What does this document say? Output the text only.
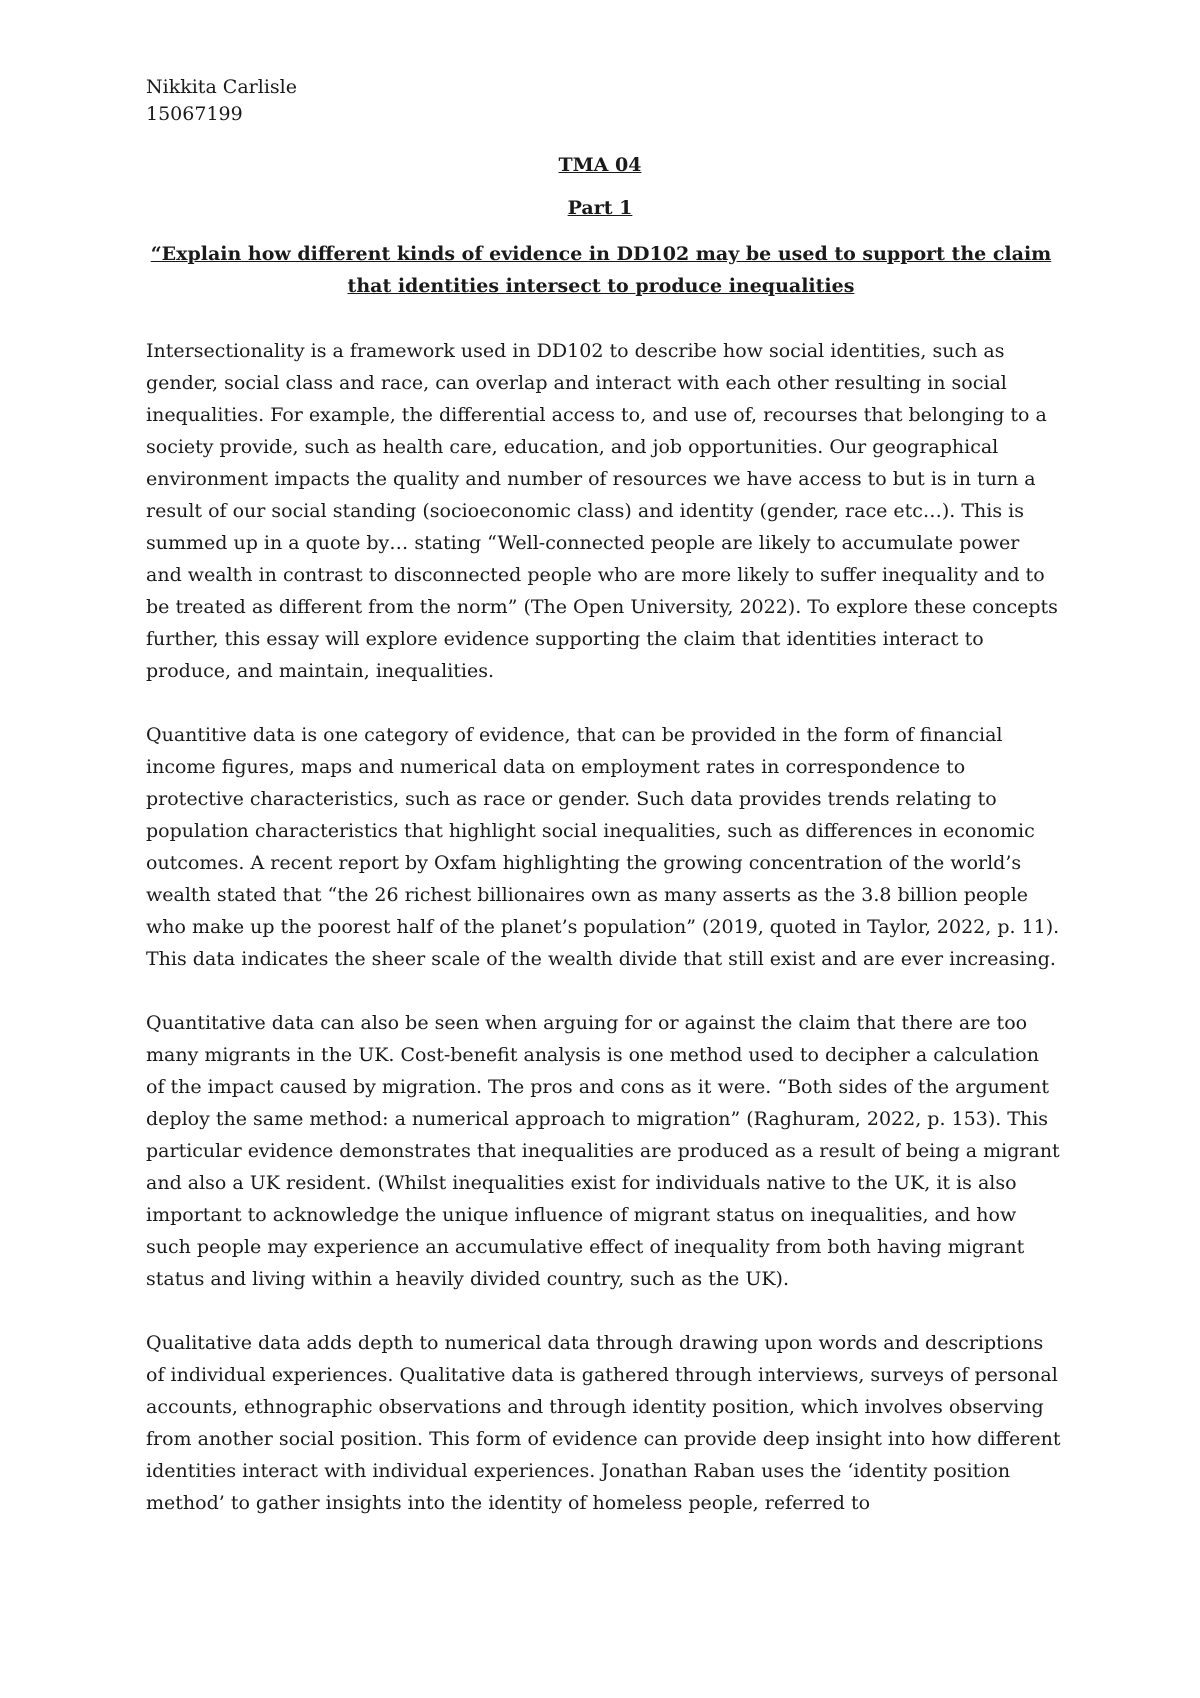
Nikkita Carlisle
15067199
TMA 04
Part 1
“Explain how different kinds of evidence in DD102 may be used to support the claim that identities intersect to produce inequalities

Intersectionality is a framework used in DD102 to describe how social identities, such as gender, social class and race, can overlap and interact with each other resulting in social inequalities. For example, the differential access to, and use of, recourses that belonging to a society provide, such as health care, education, and job opportunities. Our geographical environment impacts the quality and number of resources we have access to but is in turn a result of our social standing (socioeconomic class) and identity (gender, race etc…). This is summed up in a quote by… stating “Well-connected people are likely to accumulate power and wealth in contrast to disconnected people who are more likely to suffer inequality and to be treated as different from the norm” (The Open University, 2022). To explore these concepts further, this essay will explore evidence supporting the claim that identities interact to produce, and maintain, inequalities.

Quantitive data is one category of evidence, that can be provided in the form of financial income figures, maps and numerical data on employment rates in correspondence to protective characteristics, such as race or gender. Such data provides trends relating to population characteristics that highlight social inequalities, such as differences in economic outcomes. A recent report by Oxfam highlighting the growing concentration of the world’s wealth stated that “the 26 richest billionaires own as many asserts as the 3.8 billion people who make up the poorest half of the planet’s population” (2019, quoted in Taylor, 2022, p. 11). This data indicates the sheer scale of the wealth divide that still exist and are ever increasing.

Quantitative data can also be seen when arguing for or against the claim that there are too many migrants in the UK. Cost-benefit analysis is one method used to decipher a calculation of the impact caused by migration. The pros and cons as it were. “Both sides of the argument deploy the same method: a numerical approach to migration” (Raghuram, 2022, p. 153). This particular evidence demonstrates that inequalities are produced as a result of being a migrant and also a UK resident. (Whilst inequalities exist for individuals native to the UK, it is also important to acknowledge the unique influence of migrant status on inequalities, and how such people may experience an accumulative effect of inequality from both having migrant status and living within a heavily divided country, such as the UK).

Qualitative data adds depth to numerical data through drawing upon words and descriptions of individual experiences. Qualitative data is gathered through interviews, surveys of personal accounts, ethnographic observations and through identity position, which involves observing from another social position. This form of evidence can provide deep insight into how different identities interact with individual experiences. Jonathan Raban uses the ‘identity position method’ to gather insights into the identity of homeless people, referred to
